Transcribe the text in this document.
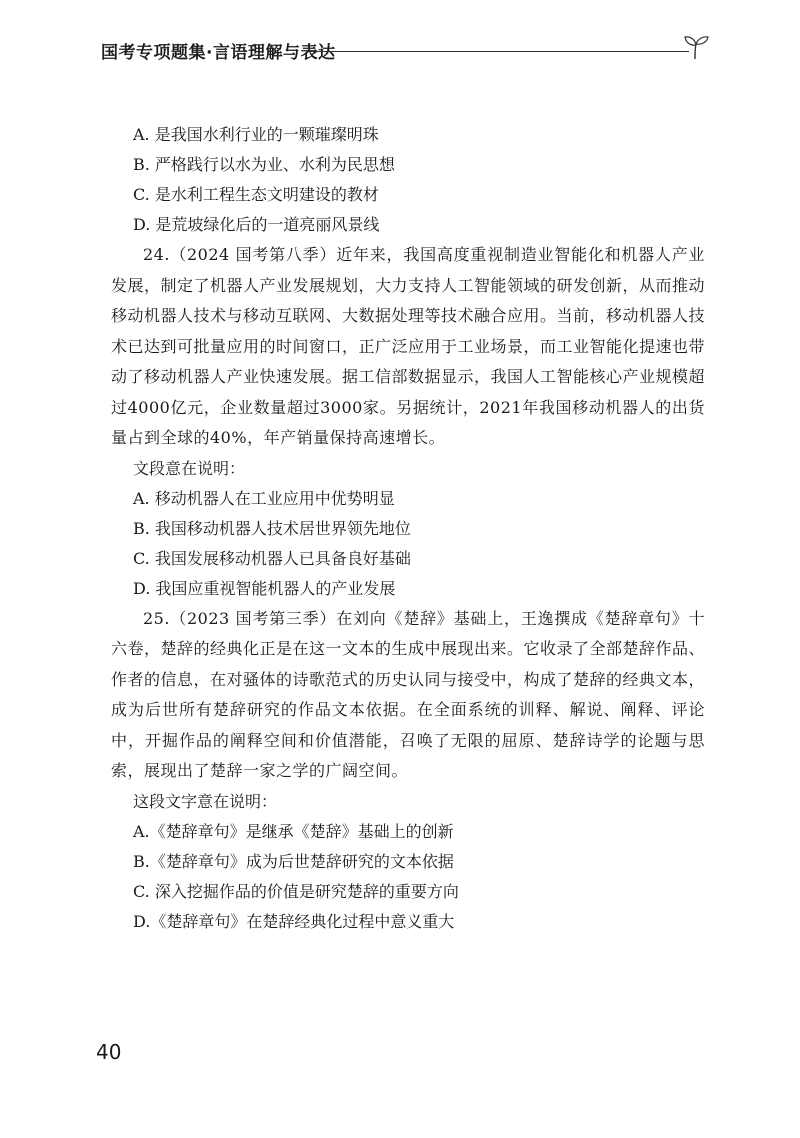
国考专项题集·言语理解与表达
A. 是我国水利行业的一颗璀璨明珠
B. 严格践行以水为业、水利为民思想
C. 是水利工程生态文明建设的教材
D. 是荒坡绿化后的一道亮丽风景线

24.（2024 国考第八季）近年来，我国高度重视制造业智能化和机器人产业发展，制定了机器人产业发展规划，大力支持人工智能领域的研发创新，从而推动移动机器人技术与移动互联网、大数据处理等技术融合应用。当前，移动机器人技术已达到可批量应用的时间窗口，正广泛应用于工业场景，而工业智能化提速也带动了移动机器人产业快速发展。据工信部数据显示，我国人工智能核心产业规模超过4000亿元，企业数量超过3000家。另据统计，2021年我国移动机器人的出货量占到全球的40%，年产销量保持高速增长。

文段意在说明：
A. 移动机器人在工业应用中优势明显
B. 我国移动机器人技术居世界领先地位
C. 我国发展移动机器人已具备良好基础
D. 我国应重视智能机器人的产业发展

25.（2023 国考第三季）在刘向《楚辞》基础上，王逸撰成《楚辞章句》十六卷，楚辞的经典化正是在这一文本的生成中展现出来。它收录了全部楚辞作品、作者的信息，在对骚体的诗歌范式的历史认同与接受中，构成了楚辞的经典文本，成为后世所有楚辞研究的作品文本依据。在全面系统的训释、解说、阐释、评论中，开掘作品的阐释空间和价值潜能，召唤了无限的屈原、楚辞诗学的论题与思索，展现出了楚辞一家之学的广阔空间。

这段文字意在说明：
A.《楚辞章句》是继承《楚辞》基础上的创新
B.《楚辞章句》成为后世楚辞研究的文本依据
C. 深入挖掘作品的价值是研究楚辞的重要方向
D.《楚辞章句》在楚辞经典化过程中意义重大
40
